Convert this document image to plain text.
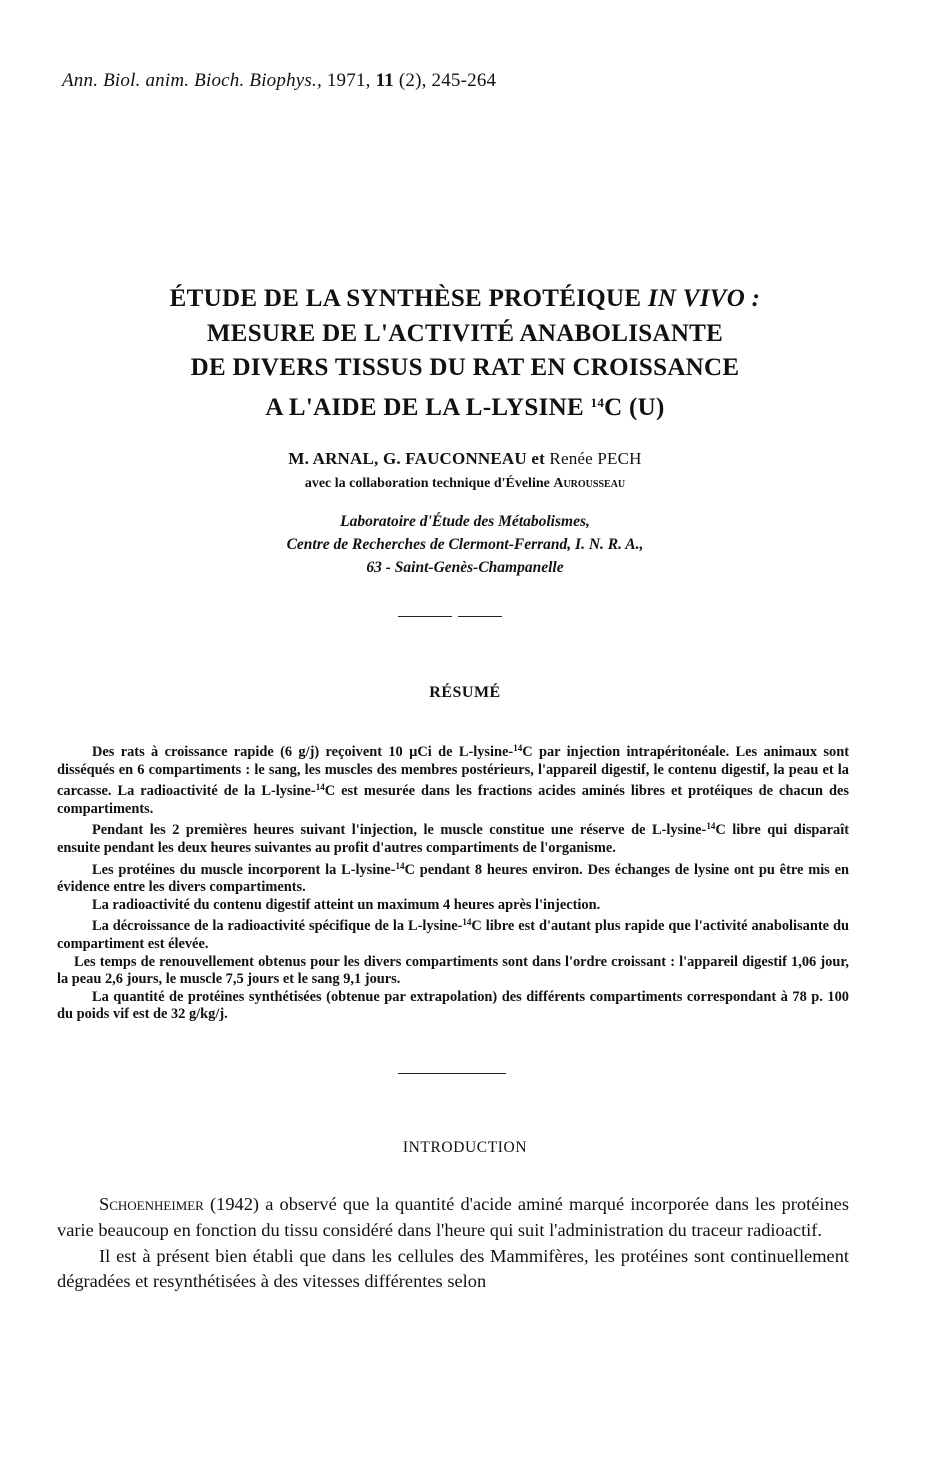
Ann. Biol. anim. Bioch. Biophys., 1971, 11 (2), 245-264
ÉTUDE DE LA SYNTHÈSE PROTÉIQUE IN VIVO :
MESURE DE L'ACTIVITÉ ANABOLISANTE
DE DIVERS TISSUS DU RAT EN CROISSANCE
A L'AIDE DE LA L-LYSINE $^{14}$C (U)
M. ARNAL, G. FAUCONNEAU et Renée PECH
avec la collaboration technique d'Éveline Aurousseau
Laboratoire d'Étude des Métabolismes,
Centre de Recherches de Clermont-Ferrand, I. N. R. A.,
63 - Saint-Genès-Champanelle
RÉSUMÉ

Des rats à croissance rapide (6 g/j) reçoivent 10 µCi de L-lysine-$^{14}$C par injection intrapéritonéale. Les animaux sont disséqués en 6 compartiments : le sang, les muscles des membres postérieurs, l'appareil digestif, le contenu digestif, la peau et la carcasse. La radioactivité de la L-lysine-$^{14}$C est mesurée dans les fractions acides aminés libres et protéiques de chacun des compartiments.

Pendant les 2 premières heures suivant l'injection, le muscle constitue une réserve de L-lysine-$^{14}$C libre qui disparaît ensuite pendant les deux heures suivantes au profit d'autres compartiments de l'organisme.

Les protéines du muscle incorporent la L-lysine-$^{14}$C pendant 8 heures environ. Des échanges de lysine ont pu être mis en évidence entre les divers compartiments.

La radioactivité du contenu digestif atteint un maximum 4 heures après l'injection.

La décroissance de la radioactivité spécifique de la L-lysine-$^{14}$C libre est d'autant plus rapide que l'activité anabolisante du compartiment est élevée.

Les temps de renouvellement obtenus pour les divers compartiments sont dans l'ordre croissant : l'appareil digestif 1,06 jour, la peau 2,6 jours, le muscle 7,5 jours et le sang 9,1 jours.

La quantité de protéines synthétisées (obtenue par extrapolation) des différents compartiments correspondant à 78 p. 100 du poids vif est de 32 g/kg/j.

INTRODUCTION

Schoenheimer (1942) a observé que la quantité d'acide aminé marqué incorporée dans les protéines varie beaucoup en fonction du tissu considéré dans l'heure qui suit l'administration du traceur radioactif.

Il est à présent bien établi que dans les cellules des Mammifères, les protéines sont continuellement dégradées et resynthétisées à des vitesses différentes selon
